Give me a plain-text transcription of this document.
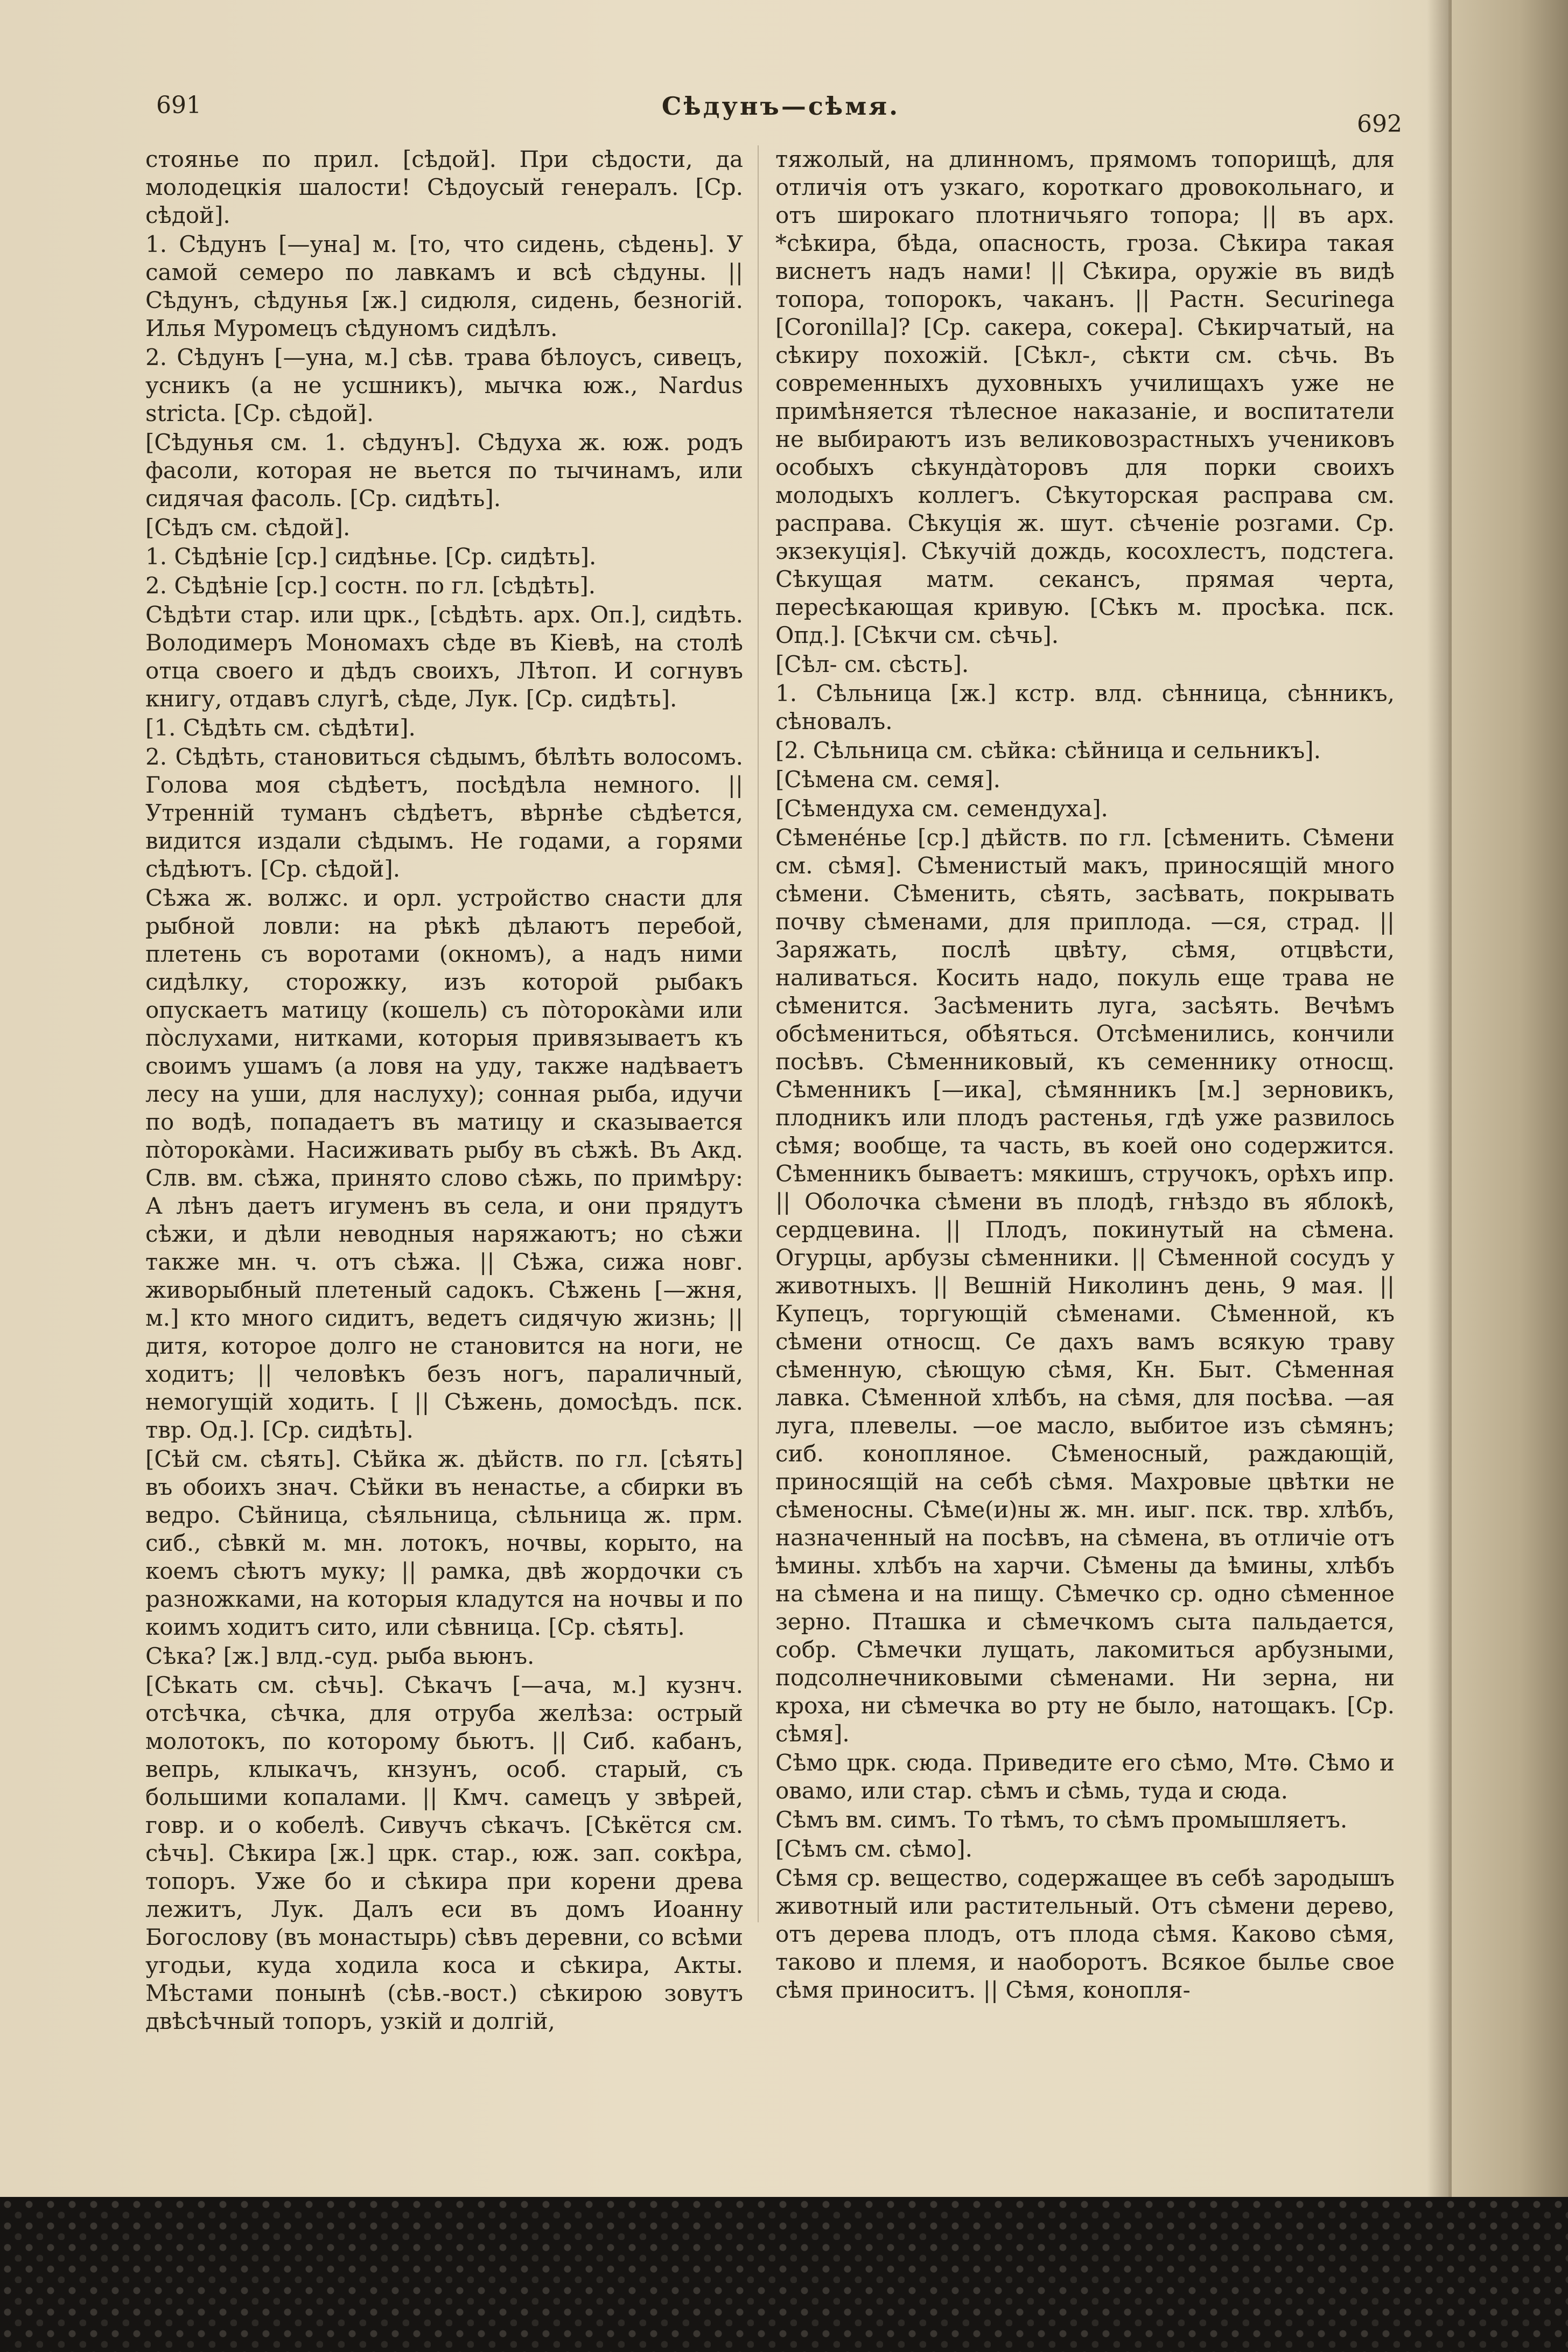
691	Сѣдунъ—сѣмя.
692

стоянье по прил. [сѣдой]. При сѣдости, да молодецкія шалости! Сѣдоусый генералъ. [Ср. сѣдой].

1. Сѣдунъ [—уна] м. [то, что сидень, сѣдень]. У самой семеро по лавкамъ и всѣ сѣдуны. || Сѣдунъ, сѣдунья [ж.] сидюля, сидень, безногій. Илья Муромецъ сѣдуномъ сидѣлъ.

2. Сѣдунъ [—уна, м.] сѣв. трава бѣлоусъ, сивецъ, усникъ (а не усшникъ), мычка юж., Nardus stricta. [Ср. сѣдой].

[Сѣдунья см. 1. сѣдунъ]. Сѣдуха ж. юж. родъ фасоли, которая не вьется по тычинамъ, или сидячая фасоль. [Ср. сидѣть].

[Сѣдъ см. сѣдой].

1. Сѣдѣніе [ср.] сидѣнье. [Ср. сидѣть].

2. Сѣдѣніе [ср.] состн. по гл. [сѣдѣть].

Сѣдѣти стар. или црк., [сѣдѣть. арх. Оп.], сидѣть. Володимеръ Мономахъ сѣде въ Кіевѣ, на столѣ отца своего и дѣдъ своихъ, Лѣтоп. И согнувъ книгу, отдавъ слугѣ, сѣде, Лук. [Ср. сидѣть].

[1. Сѣдѣть см. сѣдѣти].

2. Сѣдѣть, становиться сѣдымъ, бѣлѣть волосомъ. Голова моя сѣдѣетъ, посѣдѣла немного. || Утренній туманъ сѣдѣетъ, вѣрнѣе сѣдѣется, видится издали сѣдымъ. Не годами, а горями сѣдѣютъ. [Ср. сѣдой].

Сѣжа ж. волжс. и орл. устройство снасти для рыбной ловли: на рѣкѣ дѣлаютъ перебой, плетень съ воротами (окномъ), а надъ ними сидѣлку, сторожку, изъ которой рыбакъ опускаетъ матицу (кошель) съ пòторокàми или пòслухами, нитками, которыя привязываетъ къ своимъ ушамъ (а ловя на уду, также надѣваетъ лесу на уши, для наслуху); сонная рыба, идучи по водѣ, попадаетъ въ матицу и сказывается пòторокàми. Насиживать рыбу въ сѣжѣ. Въ Акд. Слв. вм. сѣжа, принято слово сѣжь, по примѣру: А лѣнъ даетъ игуменъ въ села, и они прядутъ сѣжи, и дѣли неводныя наряжаютъ; но сѣжи также мн. ч. отъ сѣжа. || Сѣжа, сижа новг. живорыбный плетеный садокъ. Сѣжень [—жня, м.] кто много сидитъ, ведетъ сидячую жизнь; || дитя, которое долго не становится на ноги, не ходитъ; || человѣкъ безъ ногъ, параличный, немогущій ходить. [ || Сѣжень, домосѣдъ. пск. твр. Од.]. [Ср. сидѣть].

[Сѣй см. сѣять]. Сѣйка ж. дѣйств. по гл. [сѣять] въ обоихъ знач. Сѣйки въ ненастье, а сбирки въ ведро. Сѣйница, сѣяльница, сѣльница ж. прм. сиб., сѣвкй м. мн. лотокъ, ночвы, корыто, на коемъ сѣютъ муку; || рамка, двѣ жордочки съ разножками, на которыя кладутся на ночвы и по коимъ ходитъ сито, или сѣвница. [Ср. сѣять].

Сѣка? [ж.] влд.-суд. рыба вьюнъ.

[Сѣкать см. сѣчь]. Сѣкачъ [—ача, м.] кузнч. отсѣчка, сѣчка, для отруба желѣза: острый молотокъ, по которому бьютъ. || Сиб. кабанъ, вепрь, клыкачъ, кнзунъ, особ. старый, съ большими копалами. || Кмч. самецъ у звѣрей, говр. и о кобелѣ. Сивучъ сѣкачъ. [Сѣкётся см. сѣчь]. Сѣкира [ж.] црк. стар., юж. зап. сокѣра, топоръ. Уже бо и сѣкира при корени древа лежитъ, Лук. Далъ еси въ домъ Иоанну Богослову (въ монастырь) сѣвъ деревни, со всѣми угодьи, куда ходила коса и сѣкира, Акты. Мѣстами понынѣ (сѣв.-вост.) сѣкирою зовутъ двѣсѣчный топоръ, узкій и долгій,

тяжолый, на длинномъ, прямомъ топорищѣ, для отличія отъ узкаго, короткаго дровокольнаго, и отъ широкаго плотничьяго топора; || въ арх. *сѣкира, бѣда, опасность, гроза. Сѣкира такая виснетъ надъ нами! || Сѣкира, оружіе въ видѣ топора, топорокъ, чаканъ. || Растн. Securinega [Coronilla]? [Ср. сакера, сокера]. Сѣкирчатый, на сѣкиру похожій. [Сѣкл-, сѣкти см. сѣчь. Въ современныхъ духовныхъ училищахъ уже не примѣняется тѣлесное наказаніе, и воспитатели не выбираютъ изъ великовозрастныхъ учениковъ особыхъ сѣкундàторовъ для порки своихъ молодыхъ коллегъ. Сѣкуторская расправа см. расправа. Сѣкуція ж. шут. сѣченіе розгами. Ср. экзекуція]. Сѣкучій дождь, косохлестъ, подстега. Сѣкущая матм. секансъ, прямая черта, пересѣкающая кривую. [Сѣкъ м. просѣка. пск. Опд.]. [Сѣкчи см. сѣчь].

[Сѣл- см. сѣсть].

1. Сѣльница [ж.] кстр. влд. сѣнница, сѣнникъ, сѣновалъ.

[2. Сѣльница см. сѣйка: сѣйница и сельникъ].

[Сѣмена см. семя].

[Сѣмендуха см. семендуха].

Сѣменéнье [ср.] дѣйств. по гл. [сѣменить. Сѣмени см. сѣмя]. Сѣменистый макъ, приносящій много сѣмени. Сѣменить, сѣять, засѣвать, покрывать почву сѣменами, для приплода. —ся, страд. || Заряжать, послѣ цвѣту, сѣмя, отцвѣсти, наливаться. Косить надо, покуль еще трава не сѣменится. Засѣменить луга, засѣять. Вечѣмъ обсѣмениться, обѣяться. Отсѣменились, кончили посѣвъ. Сѣменниковый, къ семеннику относщ. Сѣменникъ [—ика], сѣмянникъ [м.] зерновикъ, плодникъ или плодъ растенья, гдѣ уже развилось сѣмя; вообще, та часть, въ коей оно содержится. Сѣменникъ бываетъ: мякишъ, стручокъ, орѣхъ ипр. || Оболочка сѣмени въ плодѣ, гнѣздо въ яблокѣ, сердцевина. || Плодъ, покинутый на сѣмена. Огурцы, арбузы сѣменники. || Сѣменной сосудъ у животныхъ. || Вешній Николинъ день, 9 мая. || Купецъ, торгующій сѣменами. Сѣменной, къ сѣмени относщ. Се дахъ вамъ всякую траву сѣменную, сѣющую сѣмя, Кн. Быт. Сѣменная лавка. Сѣменной хлѣбъ, на сѣмя, для посѣва. —ая луга, плевелы. —ое масло, выбитое изъ сѣмянъ; сиб. конопляное. Сѣменосный, раждающій, приносящій на себѣ сѣмя. Махровые цвѣтки не сѣменосны. Сѣме(и)ны ж. мн. иыг. пск. твр. хлѣбъ, назначенный на посѣвъ, на сѣмена, въ отличіе отъ ѣмины. хлѣбъ на харчи. Сѣмены да ѣмины, хлѣбъ на сѣмена и на пищу. Сѣмечко ср. одно сѣменное зерно. Пташка и сѣмечкомъ сыта пальдается, собр. Сѣмечки лущать, лакомиться арбузными, подсолнечниковыми сѣменами. Ни зерна, ни кроха, ни сѣмечка во рту не было, натощакъ. [Ср. сѣмя].

Сѣмо црк. сюда. Приведите его сѣмо, Мтѳ. Сѣмо и овамо, или стар. сѣмъ и сѣмь, туда и сюда.

Сѣмъ вм. симъ. То тѣмъ, то сѣмъ промышляетъ.

[Сѣмъ см. сѣмо].

Сѣмя ср. вещество, содержащее въ себѣ зародышъ животный или растительный. Отъ сѣмени дерево, отъ дерева плодъ, отъ плода сѣмя. Каково сѣмя, таково и племя, и наоборотъ. Всякое былье свое сѣмя приноситъ. || Сѣмя, конопля-
